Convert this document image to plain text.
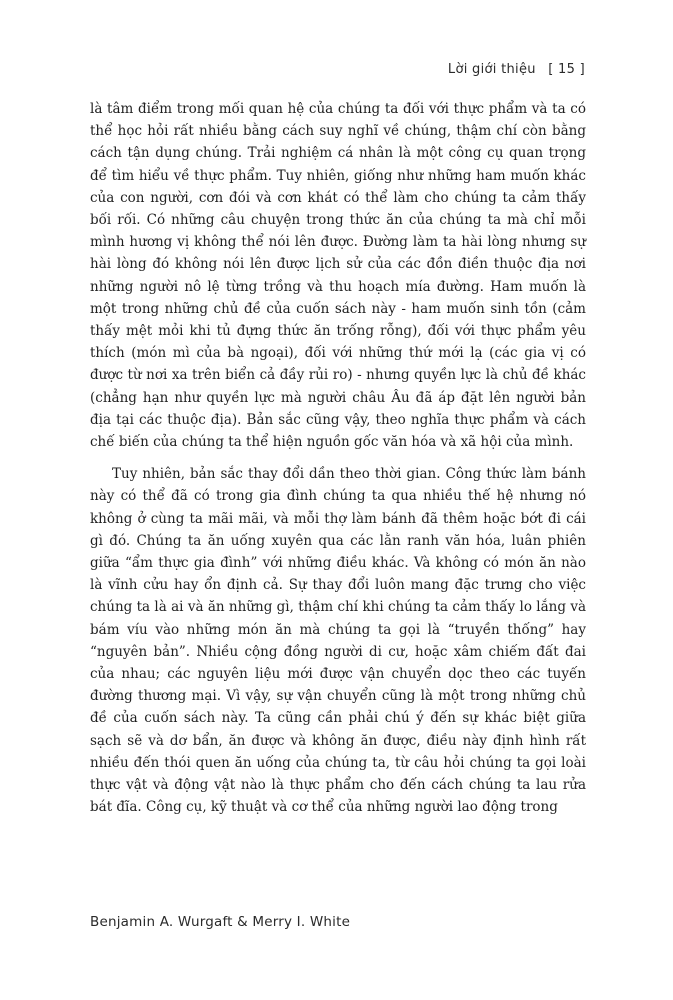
Lời giới thiệu [ 15 ]

là tâm điểm trong mối quan hệ của chúng ta đối với thực phẩm và ta có thể học hỏi rất nhiều bằng cách suy nghĩ về chúng, thậm chí còn bằng cách tận dụng chúng. Trải nghiệm cá nhân là một công cụ quan trọng để tìm hiểu về thực phẩm. Tuy nhiên, giống như những ham muốn khác của con người, cơn đói và cơn khát có thể làm cho chúng ta cảm thấy bối rối. Có những câu chuyện trong thức ăn của chúng ta mà chỉ mỗi mình hương vị không thể nói lên được. Đường làm ta hài lòng nhưng sự hài lòng đó không nói lên được lịch sử của các đồn điền thuộc địa nơi những người nô lệ từng trồng và thu hoạch mía đường. Ham muốn là một trong những chủ đề của cuốn sách này - ham muốn sinh tồn (cảm thấy mệt mỏi khi tủ đựng thức ăn trống rỗng), đối với thực phẩm yêu thích (món mì của bà ngoại), đối với những thứ mới lạ (các gia vị có được từ nơi xa trên biển cả đầy rủi ro) - nhưng quyền lực là chủ đề khác (chẳng hạn như quyền lực mà người châu Âu đã áp đặt lên người bản địa tại các thuộc địa). Bản sắc cũng vậy, theo nghĩa thực phẩm và cách chế biến của chúng ta thể hiện nguồn gốc văn hóa và xã hội của mình.

Tuy nhiên, bản sắc thay đổi dần theo thời gian. Công thức làm bánh này có thể đã có trong gia đình chúng ta qua nhiều thế hệ nhưng nó không ở cùng ta mãi mãi, và mỗi thợ làm bánh đã thêm hoặc bớt đi cái gì đó. Chúng ta ăn uống xuyên qua các lằn ranh văn hóa, luân phiên giữa “ẩm thực gia đình” với những điều khác. Và không có món ăn nào là vĩnh cửu hay ổn định cả. Sự thay đổi luôn mang đặc trưng cho việc chúng ta là ai và ăn những gì, thậm chí khi chúng ta cảm thấy lo lắng và bám víu vào những món ăn mà chúng ta gọi là “truyền thống” hay “nguyên bản”. Nhiều cộng đồng người di cư, hoặc xâm chiếm đất đai của nhau; các nguyên liệu mới được vận chuyển dọc theo các tuyến đường thương mại. Vì vậy, sự vận chuyển cũng là một trong những chủ đề của cuốn sách này. Ta cũng cần phải chú ý đến sự khác biệt giữa sạch sẽ và dơ bẩn, ăn được và không ăn được, điều này định hình rất nhiều đến thói quen ăn uống của chúng ta, từ câu hỏi chúng ta gọi loài thực vật và động vật nào là thực phẩm cho đến cách chúng ta lau rửa bát đĩa. Công cụ, kỹ thuật và cơ thể của những người lao động trong

Benjamin A. Wurgaft & Merry I. White
